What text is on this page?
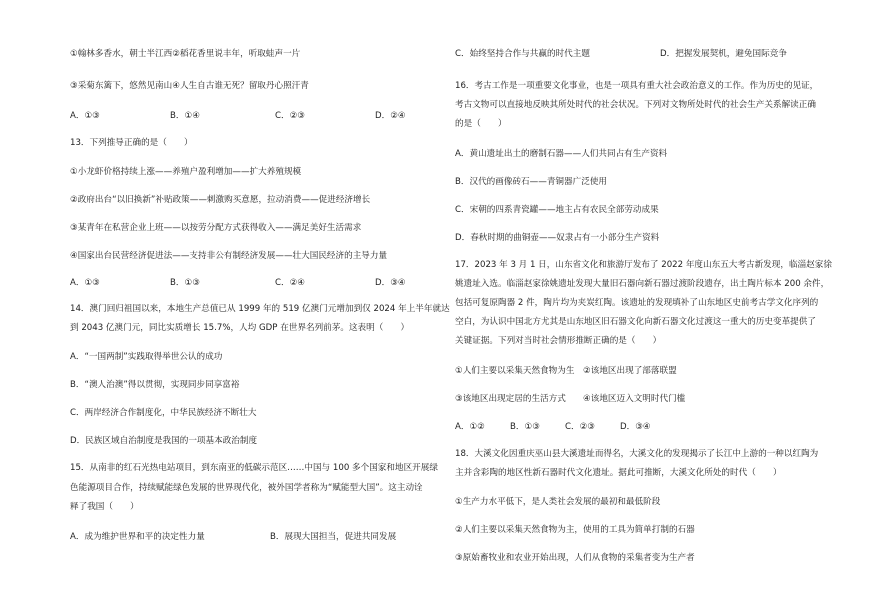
①翰林多香水，朝士半江西②稻花香里说丰年，听取蛙声一片
③采菊东篱下，悠然见南山④人生自古谁无死？留取丹心照汗青
A．①③	B．①④	C．②③	D．②④
13．下列推导正确的是（　　）
①小龙虾价格持续上涨——养殖户盈利增加——扩大养殖规模
②政府出台“以旧换新”补贴政策——刺激购买意愿，拉动消费——促进经济增长
③某青年在私营企业上班——以按劳分配方式获得收入——满足美好生活需求
④国家出台民营经济促进法——支持非公有制经济发展——壮大国民经济的主导力量
A．①③	B．①③	C．②④	D．③④
14．澳门回归祖国以来，本地生产总值已从 1999 年的 519 亿澳门元增加到仅 2024 年上半年就达
到 2043 亿澳门元，同比实质增长 15.7%，人均 GDP 在世界名列前茅。这表明（　　）
A．“一国两制”实践取得举世公认的成功
B．“澳人治澳”得以贯彻，实现同步同享富裕
C．两岸经济合作制度化，中华民族经济不断壮大
D．民族区域自治制度是我国的一项基本政治制度
15．从南非的红石光热电站项目，到东南亚的低碳示范区……中国与 100 多个国家和地区开展绿
色能源项目合作，持续赋能绿色发展的世界现代化，被外国学者称为“赋能型大国”。这主动诠
释了我国（　　）
A．成为维护世界和平的决定性力量	B．展现大国担当，促进共同发展
C．始终坚持合作与共赢的时代主题	D．把握发展契机，避免国际竞争
16．考古工作是一项重要文化事业，也是一项具有重大社会政治意义的工作。作为历史的见证，
考古文物可以直接地反映其所处时代的社会状况。下列对文物所处时代的社会生产关系解读正确
的是（　　）
A．黄山遗址出土的磨制石器——人们共同占有生产资料
B．汉代的画像砖石——青铜器广泛使用
C．宋朝的四系青瓷罐——地主占有农民全部劳动成果
D．春秋时期的曲铜壶——奴隶占有一小部分生产资料
17．2023 年 3 月 1 日，山东省文化和旅游厅发布了 2022 年度山东五大考古新发现，临淄赵家徐
姚遗址入选。临淄赵家徐姚遗址发现大量旧石器向新石器过渡阶段遗存，出土陶片标本 200 余件，
包括可复原陶器 2 件，陶片均为夹炭红陶。该遗址的发现填补了山东地区史前考古学文化序列的
空白，为认识中国北方尤其是山东地区旧石器文化向新石器文化过渡这一重大的历史变革提供了
关键证据。下列对当时社会情形推断正确的是（　　）
①人们主要以采集天然食物为生　②该地区出现了部落联盟
③该地区出现定居的生活方式　　④该地区迈入文明时代门槛
A．①②	B．①③	C．②③	D．③④
18．大溪文化因重庆巫山县大溪遗址而得名，大溪文化的发现揭示了长江中上游的一种以红陶为
主并含彩陶的地区性新石器时代文化遗址。据此可推断，大溪文化所处的时代（　　）
①生产力水平低下，是人类社会发展的最初和最低阶段
②人们主要以采集天然食物为主，使用的工具为简单打制的石器
③原始畜牧业和农业开始出现，人们从食物的采集者变为生产者
